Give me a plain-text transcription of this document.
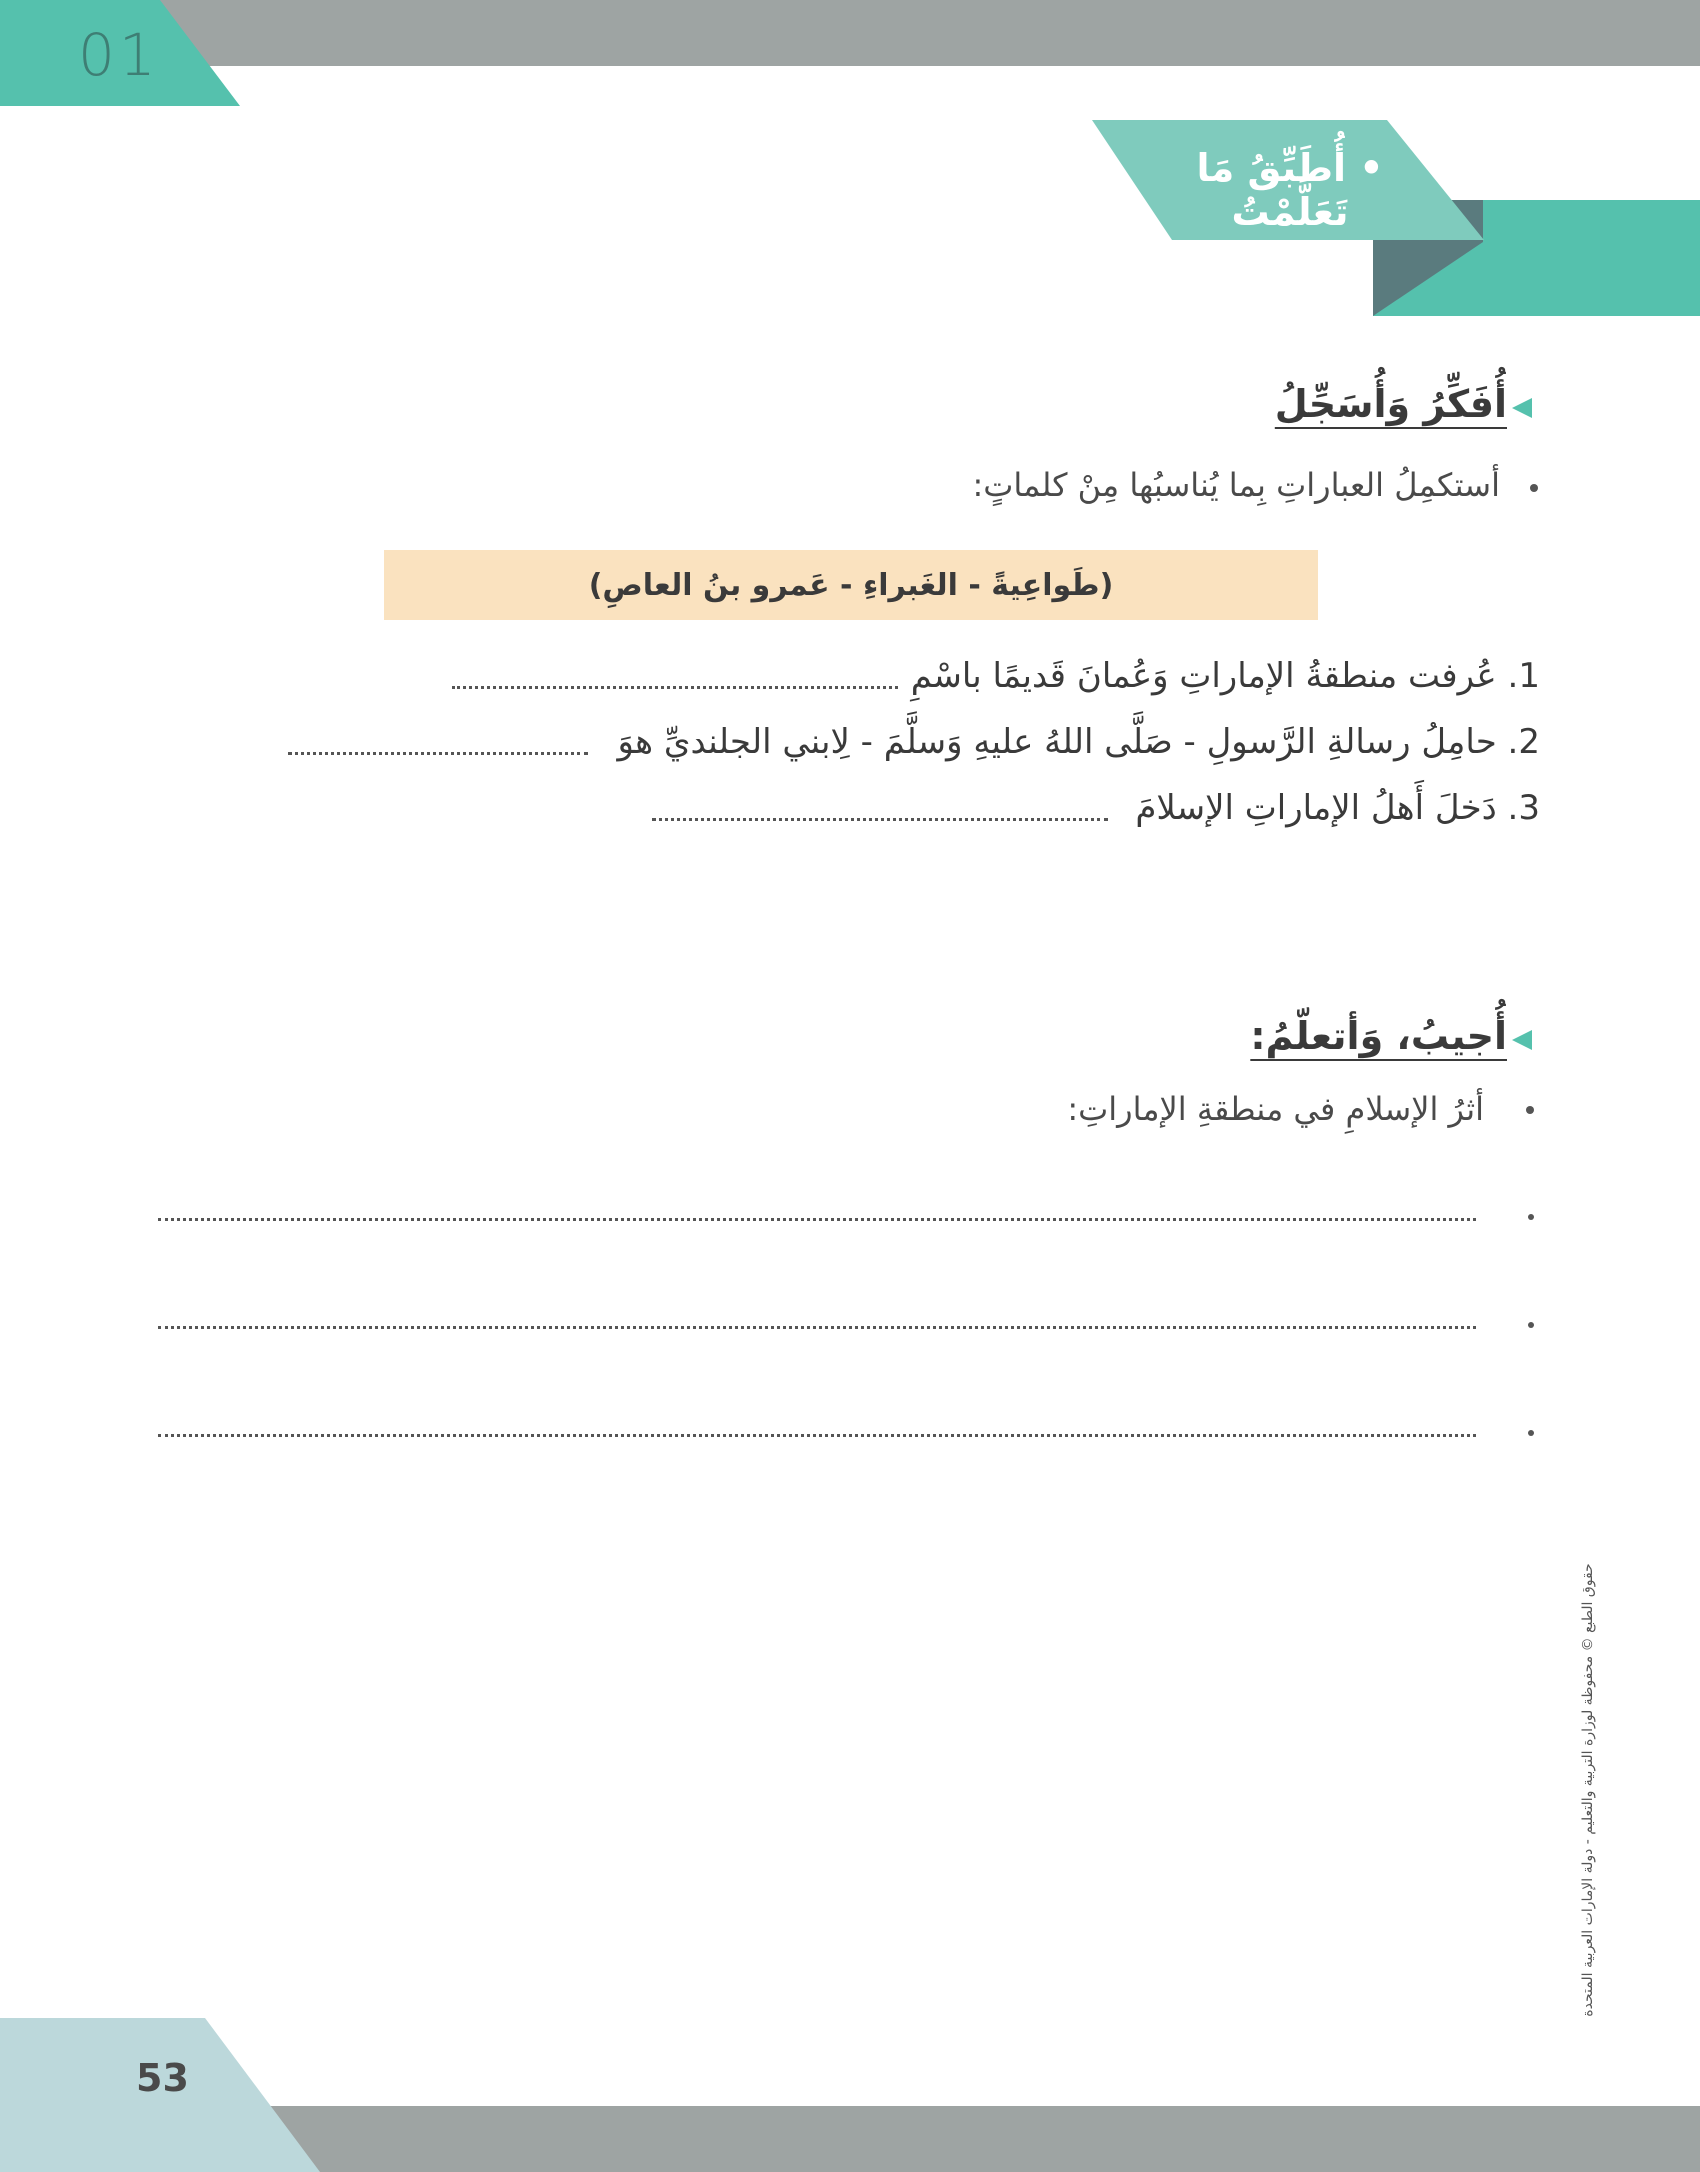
01
• أُطَبِّقُ مَا تَعَلَّمْتُ
أُفَكِّرُ وَأُسَجِّلُ
أستكمِلُ العباراتِ بِما يُناسبُها مِنْ كلماتٍ:
(طَواعِيةً - الغَبراءِ - عَمرو بنُ العاصِ)
1. عُرفت منطقةُ الإماراتِ وَعُمانَ قَديمًا باسْمِ
2. حامِلُ رسالةِ الرَّسولِ - صَلَّى اللهُ عليهِ وَسلَّمَ - لِابني الجلنديِّ هوَ
3. دَخلَ أَهلُ الإماراتِ الإسلامَ
أُجيبُ، وَأتعلّمُ:
أثرُ الإسلامِ في منطقةِ الإماراتِ:
حقوق الطبع © محفوظة لوزارة التربية والتعليم - دولة الإمارات العربية المتحدة
53
